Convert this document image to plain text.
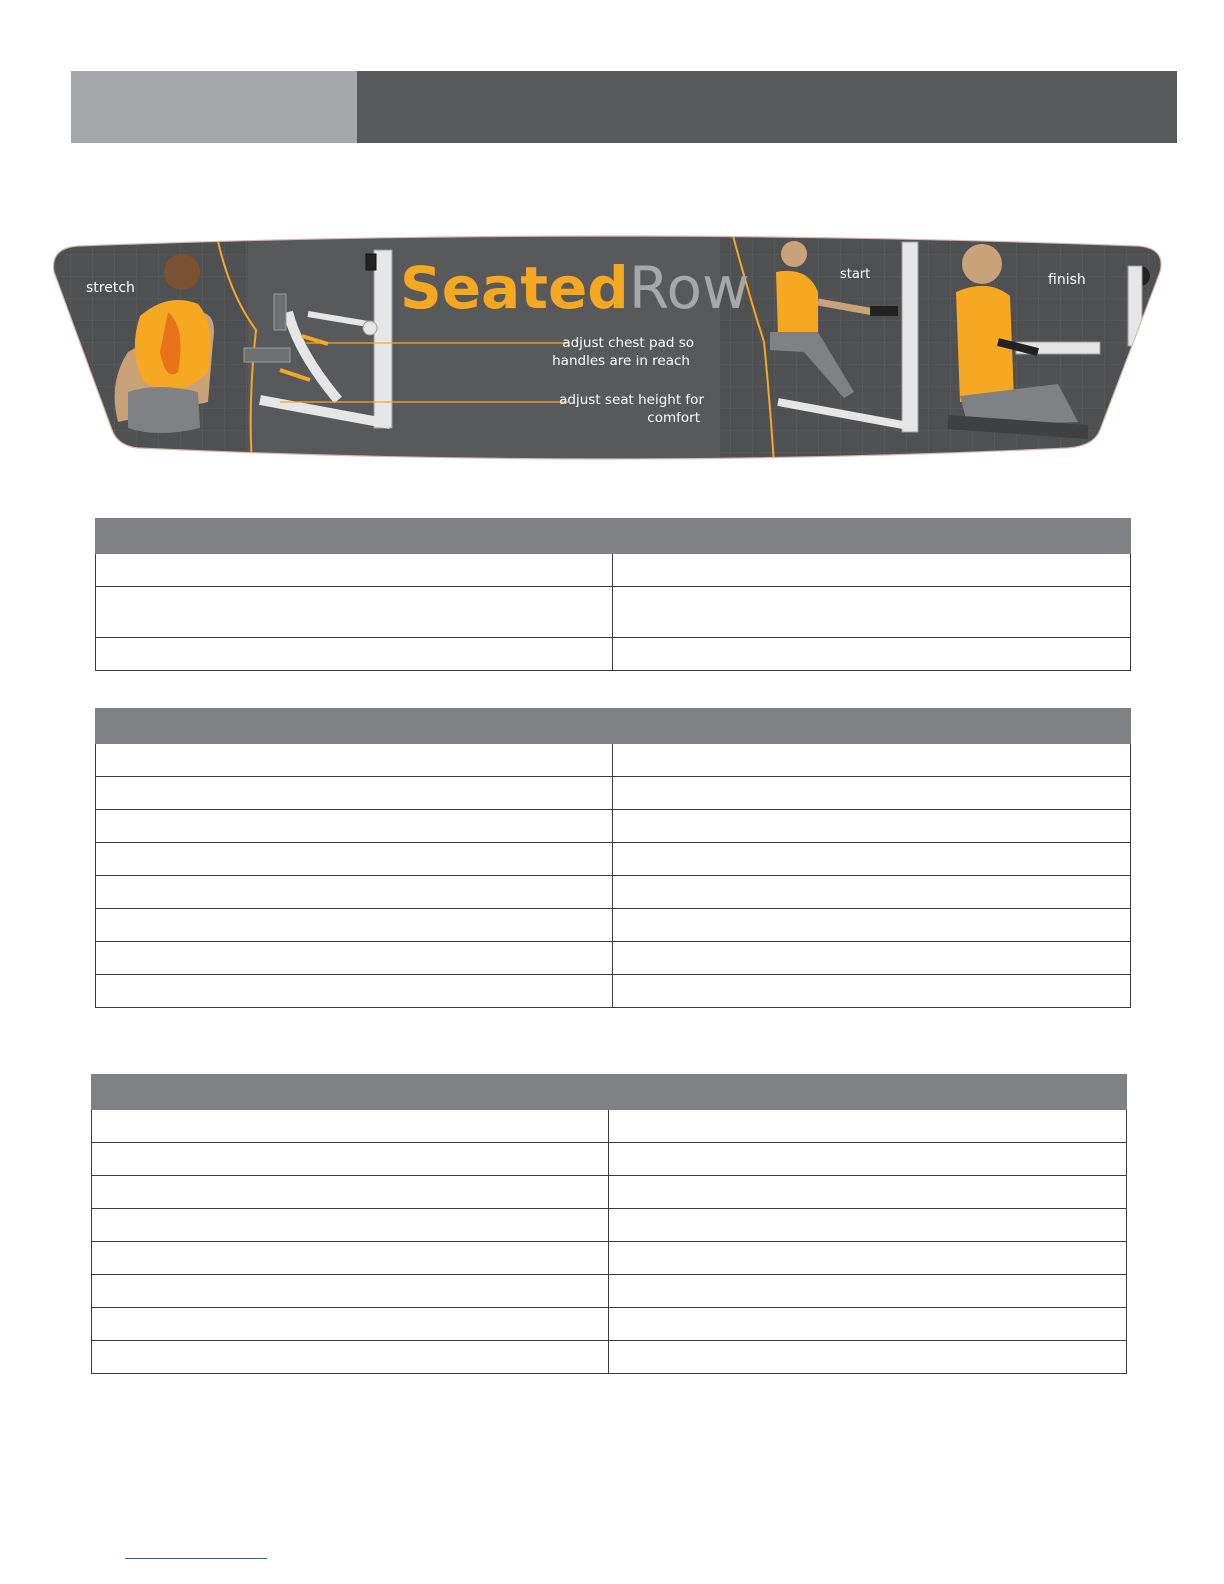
stretch
start	finish
SeatedRow
adjust chest pad so
handles are in reach
adjust seat height for
comfort
